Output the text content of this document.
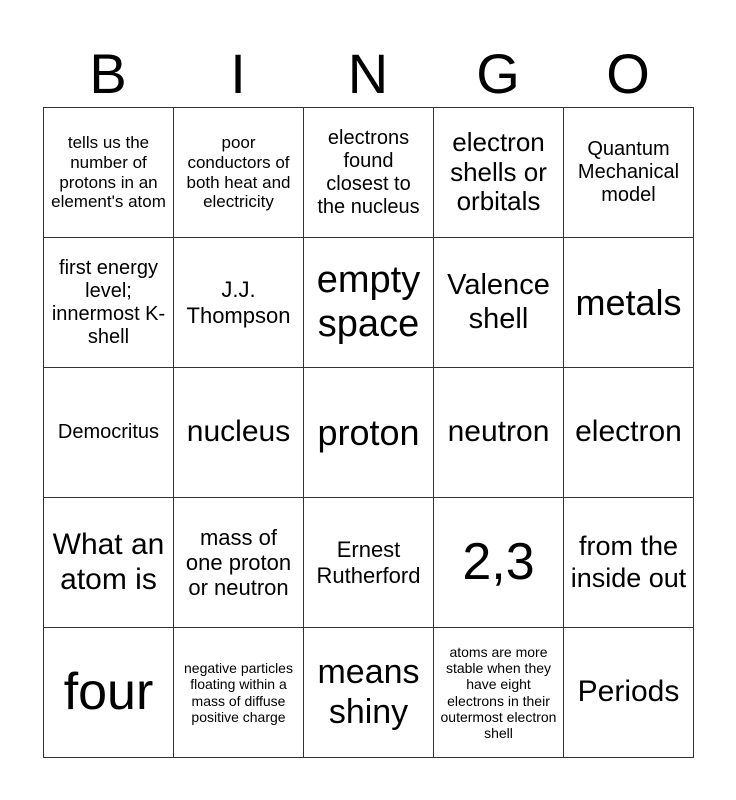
B	I	N	G	O
tells us the number of protons in an element's atom	poor conductors of both heat and electricity	electrons found closest to the nucleus	electron shells or orbitals	Quantum Mechanical model
first energy level; innermost K- shell	J.J. Thompson	empty space	Valence shell	metals
Democritus	nucleus	proton	neutron	electron
What an atom is	mass of one proton or neutron	Ernest Rutherford	2,3	from the inside out
four	negative particles floating within a mass of diffuse positive charge	means shiny	atoms are more stable when they have eight electrons in their outermost electron shell	Periods
